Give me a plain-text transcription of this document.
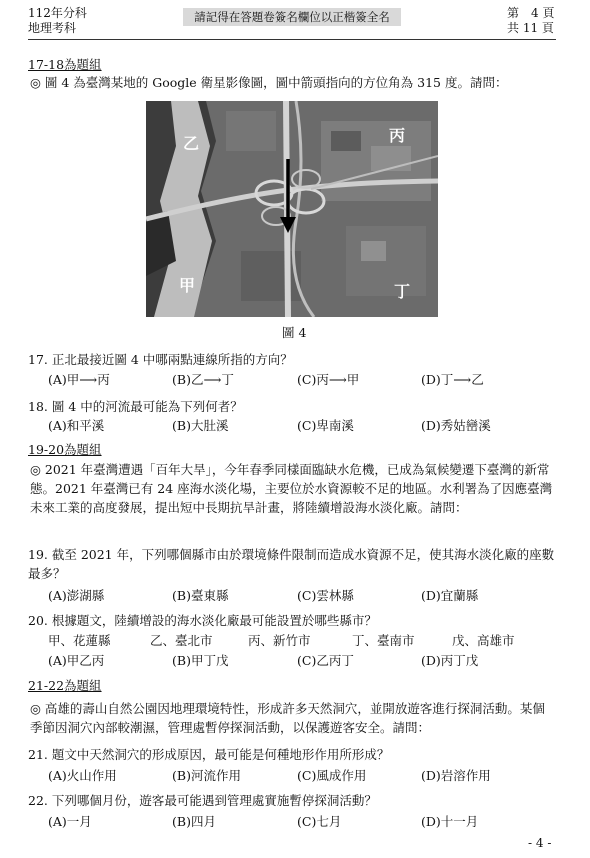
112年分科
地理考科
請記得在答題卷簽名欄位以正楷簽全名	第　4 頁
共 11 頁
17-18為題組
◎ 圖 4 為臺灣某地的 Google 衛星影像圖，圖中箭頭指向的方位角為 315 度。請問：
乙	丙
甲	丁
圖 4
17. 正北最接近圖 4 中哪兩點連線所指的方向？
(A)甲⟶丙	(B)乙⟶丁	(C)丙⟶甲	(D)丁⟶乙
18. 圖 4 中的河流最可能為下列何者？
(A)和平溪	(B)大肚溪	(C)卑南溪	(D)秀姑巒溪
19-20為題組
◎ 2021 年臺灣遭遇「百年大旱」，今年春季同樣面臨缺水危機，已成為氣候變遷下臺灣的新常態。2021 年臺灣已有 24 座海水淡化場，主要位於水資源較不足的地區。水利署為了因應臺灣未來工業的高度發展，提出短中長期抗旱計畫，將陸續增設海水淡化廠。請問：
19. 截至 2021 年，下列哪個縣市由於環境條件限制而造成水資源不足，使其海水淡化廠的座數最多？
(A)澎湖縣	(B)臺東縣	(C)雲林縣	(D)宜蘭縣
20. 根據題文，陸續增設的海水淡化廠最可能設置於哪些縣市？
甲、花蓮縣	乙、臺北市	丙、新竹市	丁、臺南市	戊、高雄市
(A)甲乙丙	(B)甲丁戊	(C)乙丙丁	(D)丙丁戊
21-22為題組
◎ 高雄的壽山自然公園因地理環境特性，形成許多天然洞穴，並開放遊客進行探洞活動。某個季節因洞穴內部較潮濕，管理處暫停探洞活動，以保護遊客安全。請問：
21. 題文中天然洞穴的形成原因，最可能是何種地形作用所形成？
(A)火山作用	(B)河流作用	(C)風成作用	(D)岩溶作用
22. 下列哪個月份，遊客最可能遇到管理處實施暫停探洞活動？
(A)一月	(B)四月	(C)七月	(D)十一月
- 4 -
